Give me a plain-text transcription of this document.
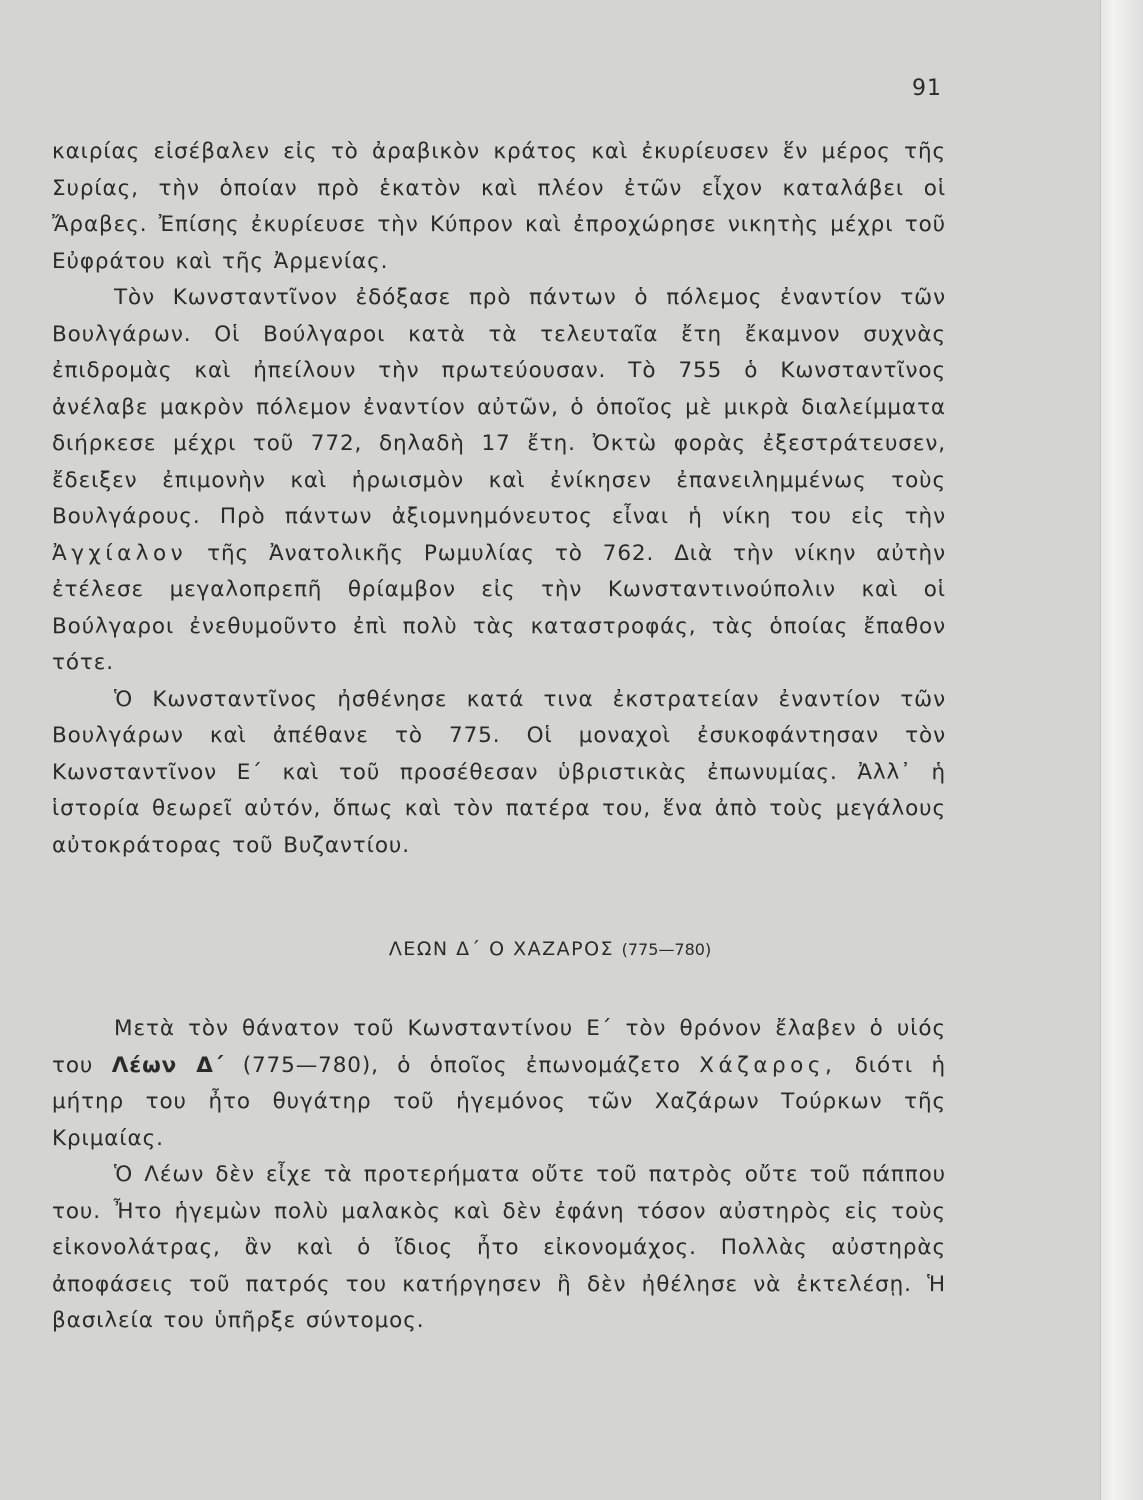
91

καιρίας εἰσέβαλεν εἰς τὸ ἀραβικὸν κράτος καὶ ἐκυρίευσεν ἕν μέρος τῆς Συρίας, τὴν ὁποίαν πρὸ ἑκατὸν καὶ πλέον ἐτῶν εἶχον καταλάβει οἱ Ἄραβες. Ἐπίσης ἐκυρίευσε τὴν Κύπρον καὶ ἐπροχώρησε νικητὴς μέχρι τοῦ Εὐφράτου καὶ τῆς Ἀρμενίας.

Τὸν Κωνσταντῖνον ἐδόξασε πρὸ πάντων ὁ πόλεμος ἐναντίον τῶν Βουλγάρων. Οἱ Βούλγαροι κατὰ τὰ τελευταῖα ἔτη ἔκαμνον συχνὰς ἐπιδρομὰς καὶ ἠπείλουν τὴν πρωτεύουσαν. Τὸ 755 ὁ Κωνσταντῖνος ἀνέλαβε μακρὸν πόλεμον ἐναντίον αὐτῶν, ὁ ὁποῖος μὲ μικρὰ διαλείμματα διήρκεσε μέχρι τοῦ 772, δηλαδὴ 17 ἔτη. Ὀκτὼ φορὰς ἐξεστράτευσεν, ἔδειξεν ἐπιμονὴν καὶ ἡρωισμὸν καὶ ἐνίκησεν ἐπανειλημμένως τοὺς Βουλγάρους. Πρὸ πάντων ἀξιομνημόνευτος εἶναι ἡ νίκη του εἰς τὴν Ἀγχίαλον τῆς Ἀνατολικῆς Ρωμυλίας τὸ 762. Διὰ τὴν νίκην αὐτὴν ἐτέλεσε μεγαλοπρεπῆ θρίαμβον εἰς τὴν Κωνσταντινούπολιν καὶ οἱ Βούλγαροι ἐνεθυμοῦντο ἐπὶ πολὺ τὰς καταστροφάς, τὰς ὁποίας ἔπαθον τότε.

Ὁ Κωνσταντῖνος ἠσθένησε κατά τινα ἐκστρατείαν ἐναντίον τῶν Βουλγάρων καὶ ἀπέθανε τὸ 775. Οἱ μοναχοὶ ἐσυκοφάντησαν τὸν Κωνσταντῖνον Ε΄ καὶ τοῦ προσέθεσαν ὑβριστικὰς ἐπωνυμίας. Ἀλλ᾽ ἡ ἱστορία θεωρεῖ αὐτόν, ὅπως καὶ τὸν πατέρα του, ἕνα ἀπὸ τοὺς μεγάλους αὐτοκράτορας τοῦ Βυζαντίου.

ΛΕΩΝ Δ΄ Ο ΧΑΖΑΡΟΣ (775—780)

Μετὰ τὸν θάνατον τοῦ Κωνσταντίνου Ε΄ τὸν θρόνον ἔλαβεν ὁ υἱός του Λέων Δ΄ (775—780), ὁ ὁποῖος ἐπωνομάζετο Χάζαρος, διότι ἡ μήτηρ του ἦτο θυγάτηρ τοῦ ἡγεμόνος τῶν Χαζάρων Τούρκων τῆς Κριμαίας.

Ὁ Λέων δὲν εἶχε τὰ προτερήματα οὔτε τοῦ πατρὸς οὔτε τοῦ πάππου του. Ἦτο ἡγεμὼν πολὺ μαλακὸς καὶ δὲν ἐφάνη τόσον αὐστηρὸς εἰς τοὺς εἰκονολάτρας, ἂν καὶ ὁ ἴδιος ἦτο εἰκονομάχος. Πολλὰς αὐστηρὰς ἀποφάσεις τοῦ πατρός του κατήργησεν ἢ δὲν ἠθέλησε νὰ ἐκτελέσῃ. Ἡ βασιλεία του ὑπῆρξε σύντομος.
